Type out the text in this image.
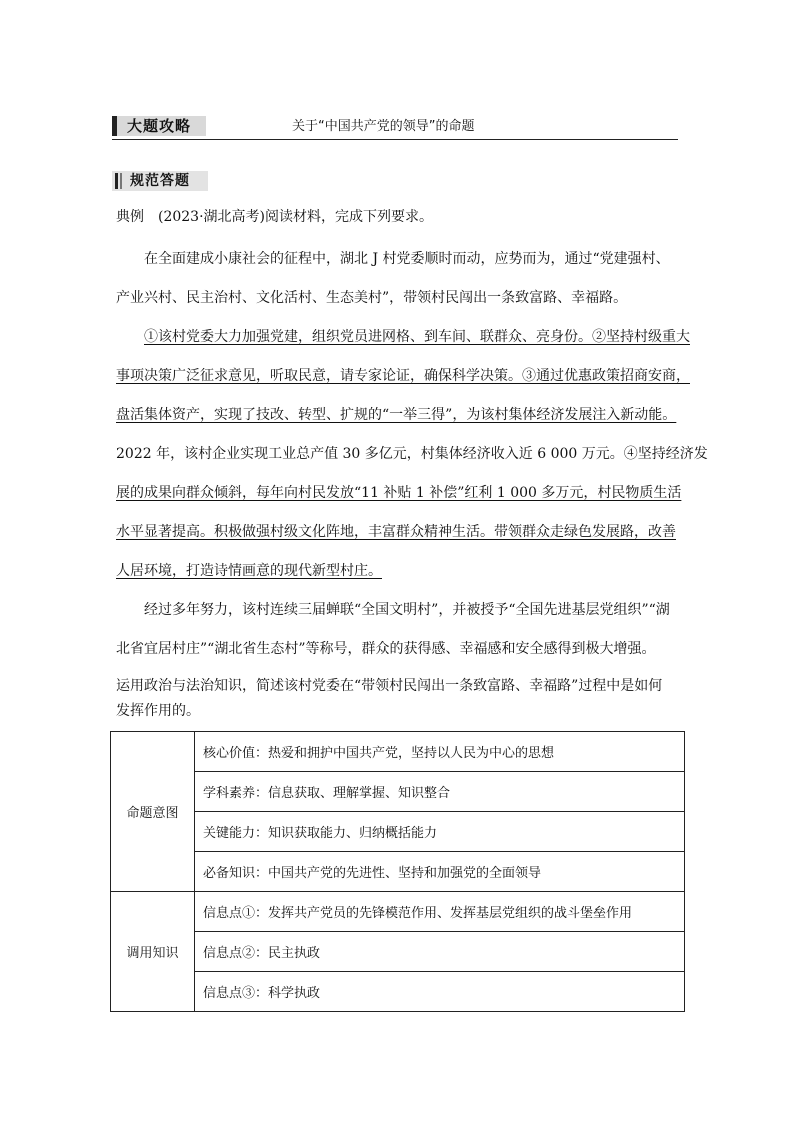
大题攻略	关于“中国共产党的领导”的命题
规范答题
典例　(2023·湖北高考)阅读材料，完成下列要求。
在全面建成小康社会的征程中，湖北 J 村党委顺时而动，应势而为，通过“党建强村、
产业兴村、民主治村、文化活村、生态美村”，带领村民闯出一条致富路、幸福路。
①该村党委大力加强党建，组织党员进网格、到车间、联群众、亮身份。②坚持村级重大
事项决策广泛征求意见，听取民意，请专家论证，确保科学决策。③通过优惠政策招商安商，
盘活集体资产，实现了技改、转型、扩规的“一举三得”，为该村集体经济发展注入新动能。
2022 年，该村企业实现工业总产值 30 多亿元，村集体经济收入近 6 000 万元。④坚持经济发
展的成果向群众倾斜，每年向村民发放“11 补贴 1 补偿”红利 1 000 多万元，村民物质生活
水平显著提高。积极做强村级文化阵地，丰富群众精神生活。带领群众走绿色发展路，改善
人居环境，打造诗情画意的现代新型村庄。
经过多年努力，该村连续三届蝉联“全国文明村”，并被授予“全国先进基层党组织”“湖
北省宜居村庄”“湖北省生态村”等称号，群众的获得感、幸福感和安全感得到极大增强。
运用政治与法治知识，简述该村党委在“带领村民闯出一条致富路、幸福路”过程中是如何
发挥作用的。
命题意图	核心价值：热爱和拥护中国共产党，坚持以人民为中心的思想
	学科素养：信息获取、理解掌握、知识整合
	关键能力：知识获取能力、归纳概括能力
	必备知识：中国共产党的先进性、坚持和加强党的全面领导
调用知识	信息点①：发挥共产党员的先锋模范作用、发挥基层党组织的战斗堡垒作用
	信息点②：民主执政
	信息点③：科学执政
